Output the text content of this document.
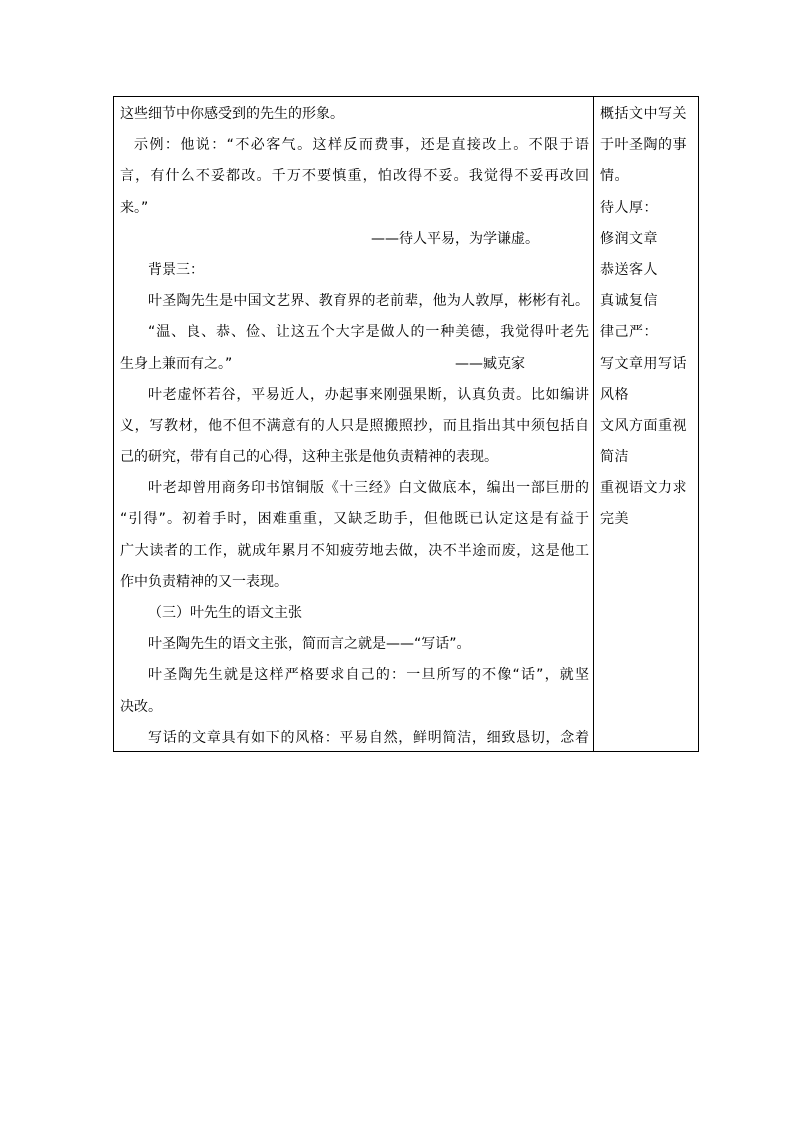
这些细节中你感受到的先生的形象。
示例：他说：“不必客气。这样反而费事，还是直接改上。不限于语
言，有什么不妥都改。千万不要慎重，怕改得不妥。我觉得不妥再改回
来。”
——待人平易，为学谦虚。
背景三：
叶圣陶先生是中国文艺界、教育界的老前辈，他为人敦厚，彬彬有礼。
“温、良、恭、俭、让这五个大字是做人的一种美德，我觉得叶老先
生身上兼而有之。”	——臧克家
叶老虚怀若谷，平易近人，办起事来刚强果断，认真负责。比如编讲
义，写教材，他不但不满意有的人只是照搬照抄，而且指出其中须包括自
己的研究，带有自己的心得，这种主张是他负责精神的表现。
叶老却曾用商务印书馆铜版《十三经》白文做底本，编出一部巨册的
“引得”。初着手时，困难重重，又缺乏助手，但他既已认定这是有益于
广大读者的工作，就成年累月不知疲劳地去做，决不半途而废，这是他工
作中负责精神的又一表现。
（三）叶先生的语文主张
叶圣陶先生的语文主张，简而言之就是——“写话”。
叶圣陶先生就是这样严格要求自己的：一旦所写的不像“话”，就坚
决改。
写话的文章具有如下的风格：平易自然，鲜明简洁，细致恳切，念着
概括文中写关
于叶圣陶的事
情。
待人厚：
修润文章
恭送客人
真诚复信
律己严：
写文章用写话
风格
文风方面重视
简洁
重视语文力求
完美
